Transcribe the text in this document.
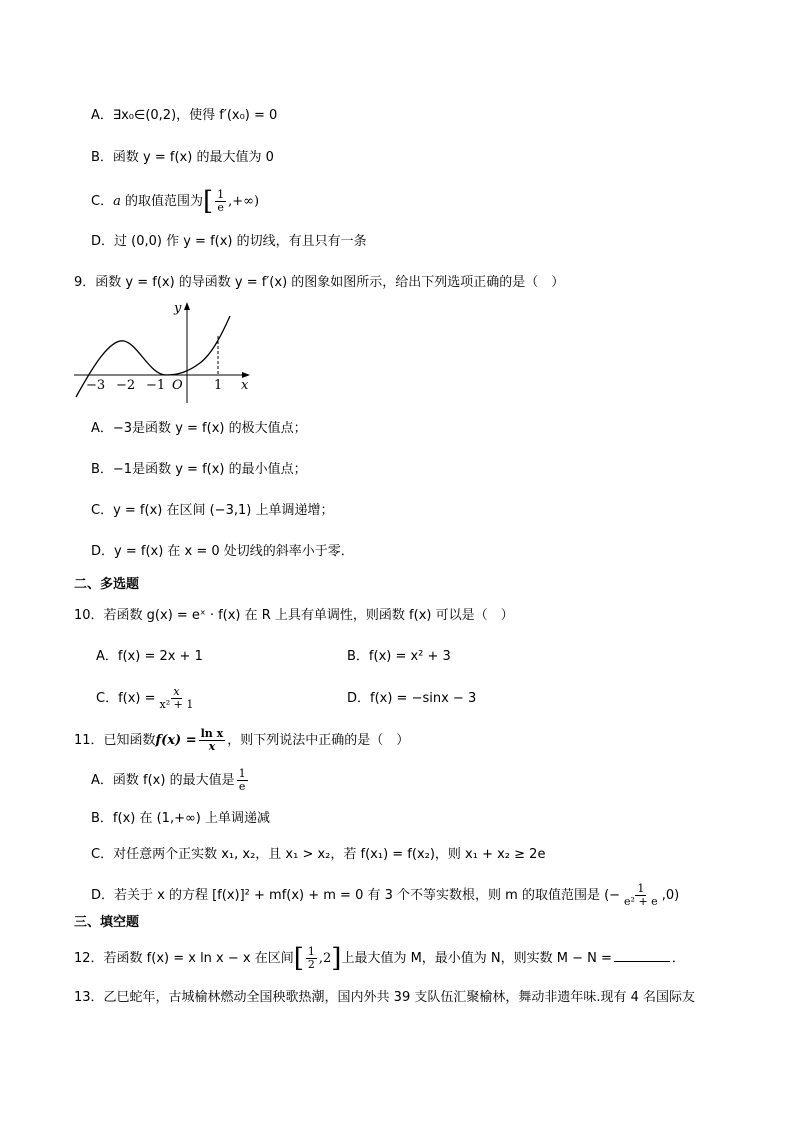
A．∃x₀∈(0,2)，使得 f′(x₀) = 0
B．函数 y = f(x) 的最大值为 0
C．a 的取值范围为[ $\frac{1}{e}$ ,+∞)
D．过 (0,0) 作 y = f(x) 的切线，有且只有一条
9．函数 y = f(x) 的导函数 y = f′(x) 的图象如图所示，给出下列选项正确的是（　）
y
x
O
−3 −2 −1	1
A．−3是函数 y = f(x) 的极大值点；
B．−1是函数 y = f(x) 的最小值点；
C．y = f(x) 在区间 (−3,1) 上单调递增；
D．y = f(x) 在 x = 0 处切线的斜率小于零．
二、多选题
10．若函数 g(x) = eˣ · f(x) 在 R 上具有单调性，则函数 f(x) 可以是（　）
A．f(x) = 2x + 1	B．f(x) = x² + 3
C．$f(x) = \frac{x}{\text{x² + 1}}$	D．f(x) = −sinx − 3
11．已知函数$f(x) = \frac{\text{ln x}}{x}$ ，则下列说法中正确的是（　）
A．函数 f(x) 的最大值是 $\frac{1}{e}$
B．f(x) 在 (1,+∞) 上单调递减
C．对任意两个正实数 x₁, x₂，且 x₁ > x₂，若 f(x₁) = f(x₂)，则 x₁ + x₂ ≥ 2e
D．若关于 x 的方程 [f(x)]² + mf(x) + m = 0 有 3 个不等实数根，则 m 的取值范围是 (− $\frac{1}{\text{e² + e}} ,0$)
三、填空题
12．若函数 f(x) = x ln x − x 在区间[ $\frac{1}{2} ,2$]上最大值为 M，最小值为 N，则实数 M − N =	．
13．乙巳蛇年，古城榆林燃动全国秧歌热潮，国内外共 39 支队伍汇聚榆林，舞动非遗年味.现有 4 名国际友
